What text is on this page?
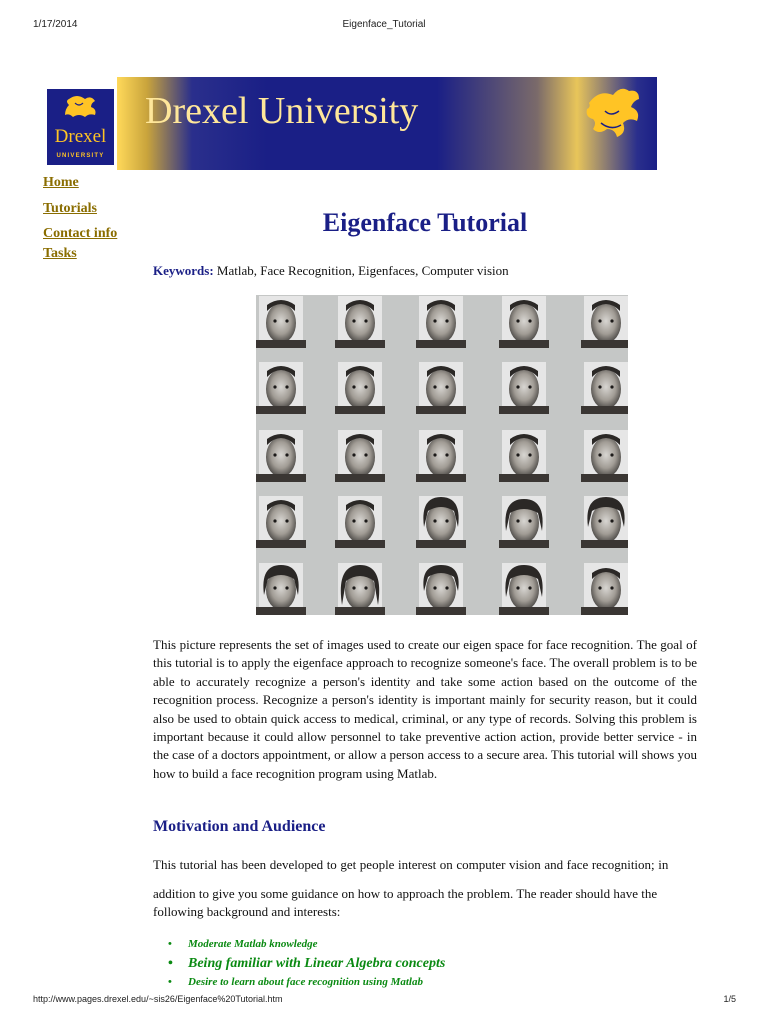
1/17/2014	Eigenface_Tutorial
Drexel
UNIVERSITY
Drexel University
Home
Tutorials
Contact info
Tasks
Eigenface Tutorial
Keywords: Matlab, Face Recognition, Eigenfaces, Computer vision
This picture represents the set of images used to create our eigen space for face recognition. The goal of this tutorial is to apply the eigenface approach to recognize someone's face. The overall problem is to be able to accurately recognize a person's identity and take some action based on the outcome of the recognition process. Recognize a person's identity is important mainly for security reason, but it could also be used to obtain quick access to medical, criminal, or any type of records. Solving this problem is important because it could allow personnel to take preventive action action, provide better service - in the case of a doctors appointment, or allow a person access to a secure area. This tutorial will shows you how to build a face recognition program using Matlab.
Motivation and Audience
This tutorial has been developed to get people interest on computer vision and face recognition; in
addition to give you some guidance on how to approach the problem. The reader should have the following background and interests:
Moderate Matlab knowledge
Being familiar with Linear Algebra concepts
Desire to learn about face recognition using Matlab
http://www.pages.drexel.edu/~sis26/Eigenface%20Tutorial.htm	1/5
